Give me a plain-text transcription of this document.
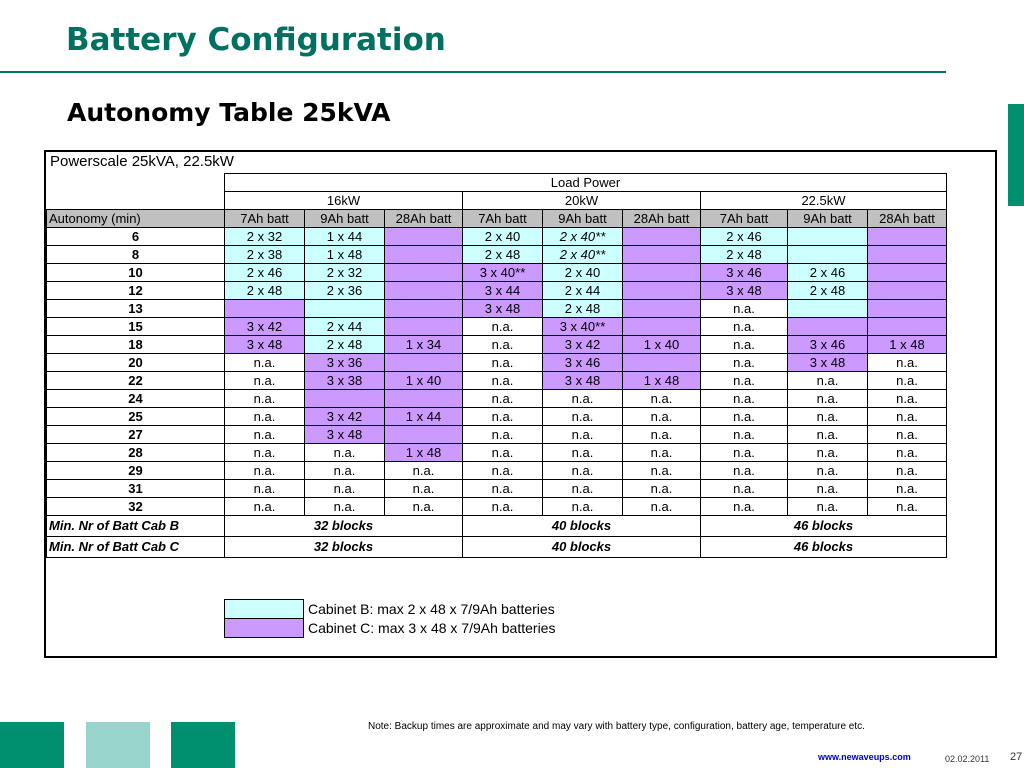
Battery Configuration
Autonomy Table 25kVA
Powerscale 25kVA, 22.5kW
	Load Power								
	16kW			20kW			22.5kW		
Autonomy (min)	7Ah batt	9Ah batt	28Ah batt	7Ah batt	9Ah batt	28Ah batt	7Ah batt	9Ah batt	28Ah batt
6	2 x 32	1 x 44		2 x 40	2 x 40**		2 x 46		
8	2 x 38	1 x 48		2 x 48	2 x 40**		2 x 48		
10	2 x 46	2 x 32		3 x 40**	2 x 40		3 x 46	2 x 46	
12	2 x 48	2 x 36		3 x 44	2 x 44		3 x 48	2 x 48	
13				3 x 48	2 x 48		n.a.		
15	3 x 42	2 x 44		n.a.	3 x 40**		n.a.		
18	3 x 48	2 x 48	1 x 34	n.a.	3 x 42	1 x 40	n.a.	3 x 46	1 x 48
20	n.a.	3 x 36		n.a.	3 x 46		n.a.	3 x 48	n.a.
22	n.a.	3 x 38	1 x 40	n.a.	3 x 48	1 x 48	n.a.	n.a.	n.a.
24	n.a.			n.a.	n.a.	n.a.	n.a.	n.a.	n.a.
25	n.a.	3 x 42	1 x 44	n.a.	n.a.	n.a.	n.a.	n.a.	n.a.
27	n.a.	3 x 48		n.a.	n.a.	n.a.	n.a.	n.a.	n.a.
28	n.a.	n.a.	1 x 48	n.a.	n.a.	n.a.	n.a.	n.a.	n.a.
29	n.a.	n.a.	n.a.	n.a.	n.a.	n.a.	n.a.	n.a.	n.a.
31	n.a.	n.a.	n.a.	n.a.	n.a.	n.a.	n.a.	n.a.	n.a.
32	n.a.	n.a.	n.a.	n.a.	n.a.	n.a.	n.a.	n.a.	n.a.
Min. Nr of Batt Cab B	32 blocks			40 blocks			46 blocks		
Min. Nr of Batt Cab C	32 blocks			40 blocks			46 blocks		
Cabinet B: max 2 x 48 x 7/9Ah batteries
Cabinet C: max 3 x 48 x 7/9Ah batteries
Note: Backup times are approximate and may vary with battery type, configuration, battery age, temperature etc.
www.newaveups.com	02.02.2011 27
